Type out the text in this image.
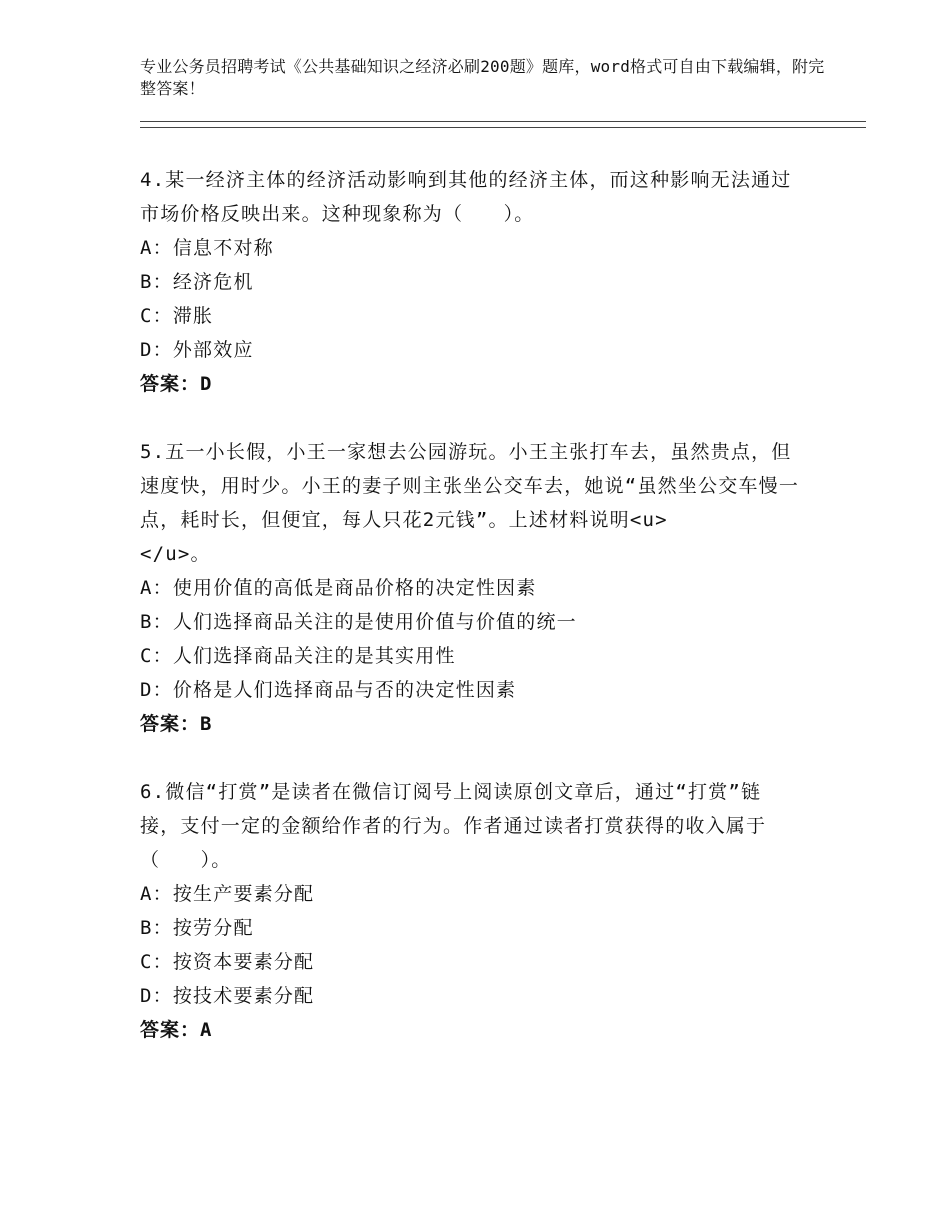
专业公务员招聘考试《公共基础知识之经济必刷200题》题库，word格式可自由下载编辑，附完整答案！
4.某一经济主体的经济活动影响到其他的经济主体，而这种影响无法通过市场价格反映出来。这种现象称为（　　）。
A：信息不对称
B：经济危机
C：滞胀
D：外部效应
答案：D
5.五一小长假，小王一家想去公园游玩。小王主张打车去，虽然贵点，但速度快，用时少。小王的妻子则主张坐公交车去，她说“虽然坐公交车慢一点，耗时长，但便宜，每人只花2元钱”。上述材料说明<u>　　　　　</u>。
A：使用价值的高低是商品价格的决定性因素
B：人们选择商品关注的是使用价值与价值的统一
C：人们选择商品关注的是其实用性
D：价格是人们选择商品与否的决定性因素
答案：B
6.微信“打赏”是读者在微信订阅号上阅读原创文章后，通过“打赏”链接，支付一定的金额给作者的行为。作者通过读者打赏获得的收入属于（　　）。
A：按生产要素分配
B：按劳分配
C：按资本要素分配
D：按技术要素分配
答案：A
